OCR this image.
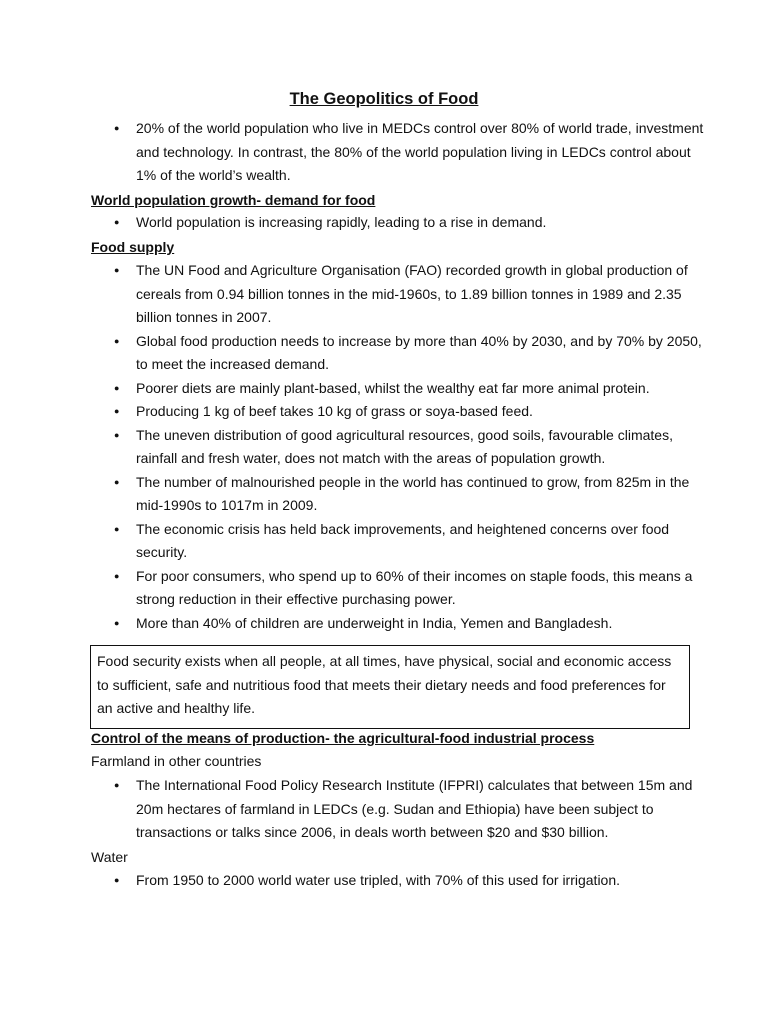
The Geopolitics of Food
● 20% of the world population who live in MEDCs control over 80% of world trade, investment and technology. In contrast, the 80% of the world population living in LEDCs control about 1% of the world’s wealth.
World population growth- demand for food
● World population is increasing rapidly, leading to a rise in demand.
Food supply
● The UN Food and Agriculture Organisation (FAO) recorded growth in global production of cereals from 0.94 billion tonnes in the mid-1960s, to 1.89 billion tonnes in 1989 and 2.35 billion tonnes in 2007.
● Global food production needs to increase by more than 40% by 2030, and by 70% by 2050, to meet the increased demand.
● Poorer diets are mainly plant-based, whilst the wealthy eat far more animal protein.
● Producing 1 kg of beef takes 10 kg of grass or soya-based feed.
● The uneven distribution of good agricultural resources, good soils, favourable climates, rainfall and fresh water, does not match with the areas of population growth.
● The number of malnourished people in the world has continued to grow, from 825m in the mid-1990s to 1017m in 2009.
● The economic crisis has held back improvements, and heightened concerns over food security.
● For poor consumers, who spend up to 60% of their incomes on staple foods, this means a strong reduction in their effective purchasing power.
● More than 40% of children are underweight in India, Yemen and Bangladesh.
Food security exists when all people, at all times, have physical, social and economic access to sufficient, safe and nutritious food that meets their dietary needs and food preferences for an active and healthy life.
Control of the means of production- the agricultural-food industrial process
Farmland in other countries
● The International Food Policy Research Institute (IFPRI) calculates that between 15m and 20m hectares of farmland in LEDCs (e.g. Sudan and Ethiopia) have been subject to transactions or talks since 2006, in deals worth between $20 and $30 billion.
Water
● From 1950 to 2000 world water use tripled, with 70% of this used for irrigation.
